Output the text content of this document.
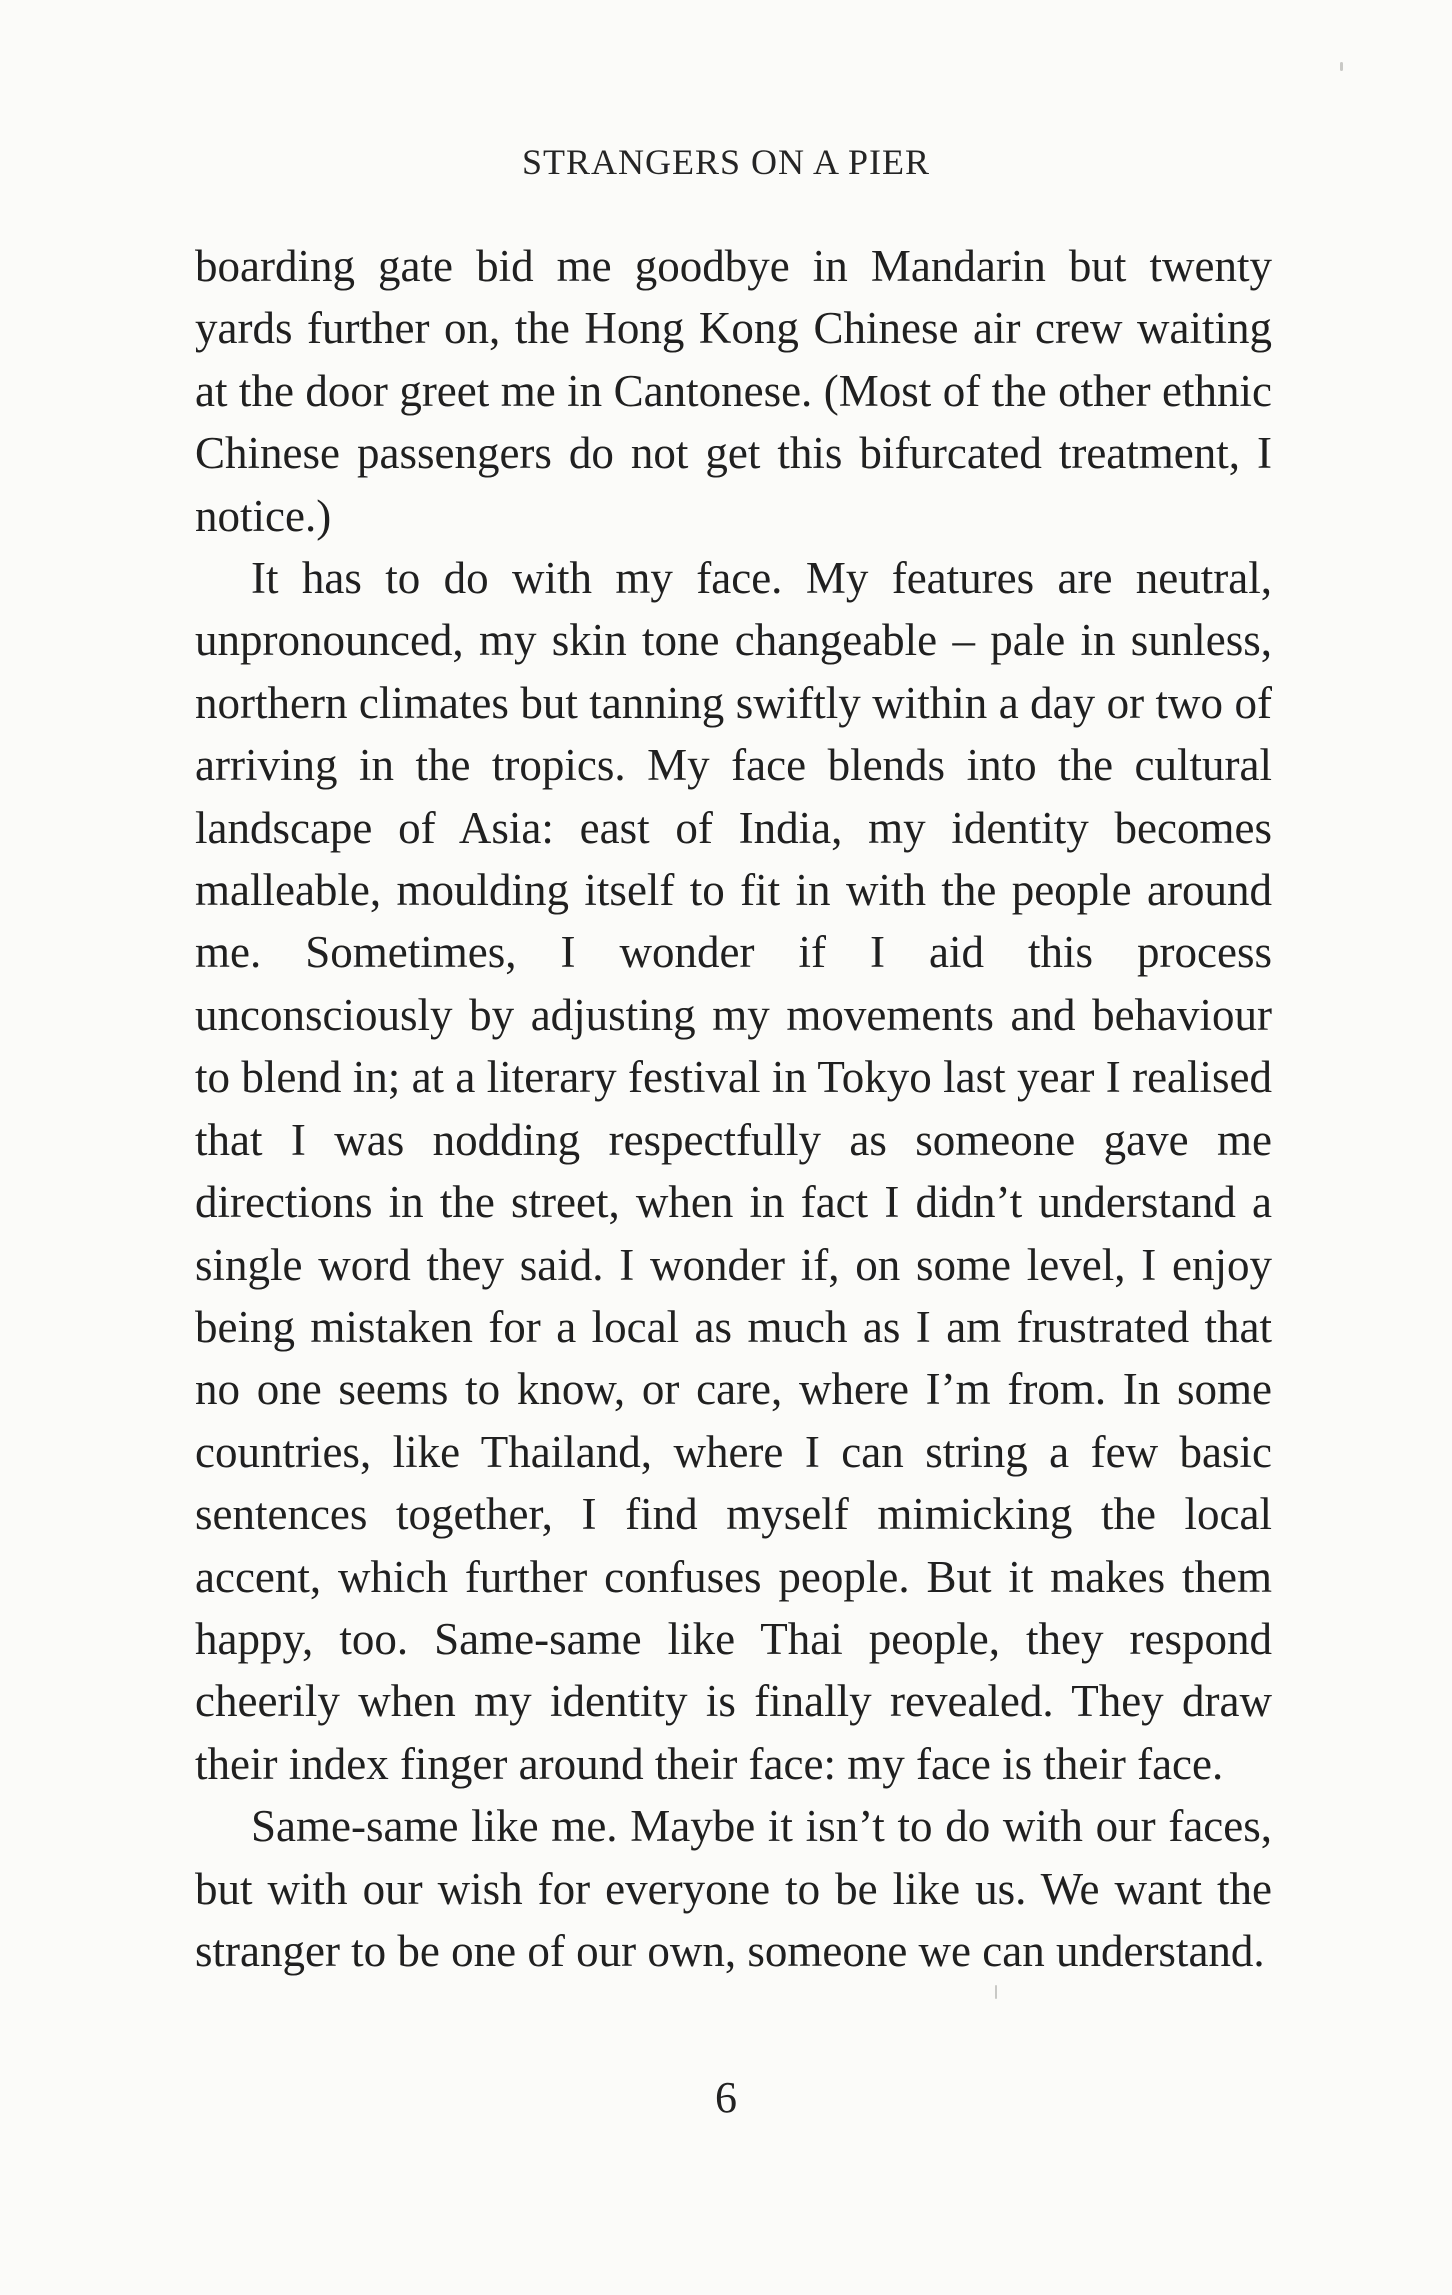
STRANGERS ON A PIER

boarding gate bid me goodbye in Mandarin but twenty yards further on, the Hong Kong Chinese air crew waiting at the door greet me in Cantonese. (Most of the other ethnic Chinese passengers do not get this bifurcated treatment, I notice.)

It has to do with my face. My features are neutral, unpronounced, my skin tone changeable – pale in sunless, northern climates but tanning swiftly within a day or two of arriving in the tropics. My face blends into the cultural landscape of Asia: east of India, my identity becomes malleable, moulding itself to fit in with the people around me. Sometimes, I wonder if I aid this process unconsciously by adjusting my movements and behaviour to blend in; at a literary festival in Tokyo last year I realised that I was nodding respectfully as someone gave me directions in the street, when in fact I didn’t understand a single word they said. I wonder if, on some level, I enjoy being mistaken for a local as much as I am frustrated that no one seems to know, or care, where I’m from. In some countries, like Thailand, where I can string a few basic sentences together, I find myself mimicking the local accent, which further confuses people. But it makes them happy, too. Same-same like Thai people, they respond cheerily when my identity is finally revealed. They draw their index finger around their face: my face is their face.

Same-same like me. Maybe it isn’t to do with our faces, but with our wish for everyone to be like us. We want the stranger to be one of our own, someone we can understand.

6
